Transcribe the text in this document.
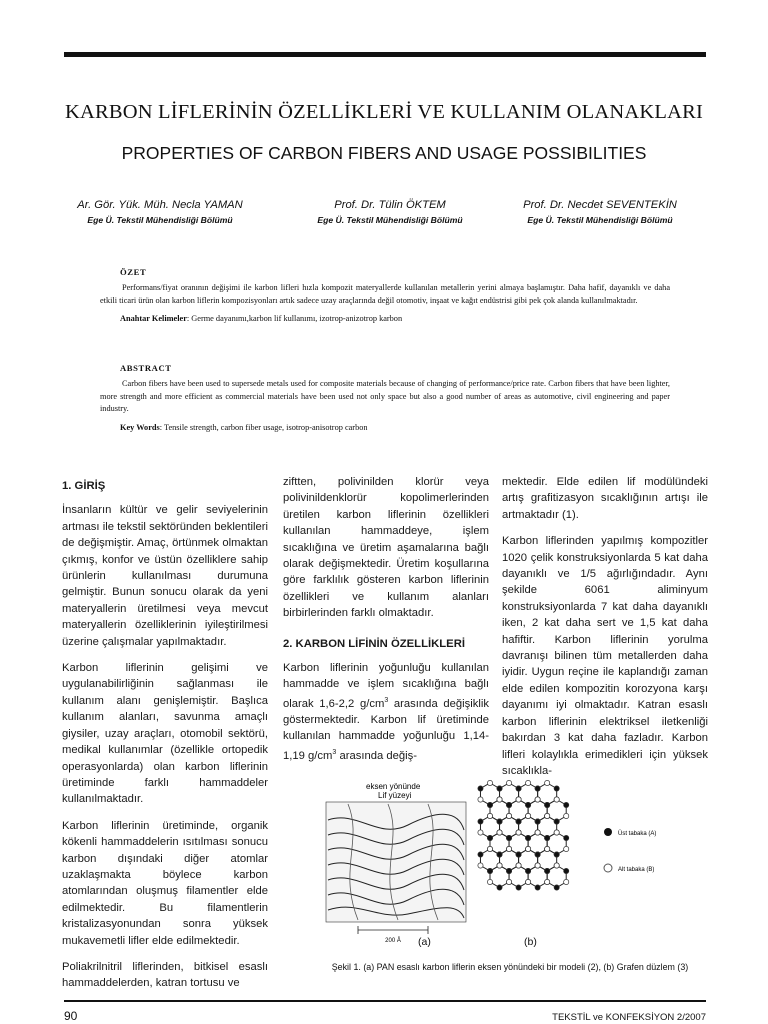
KARBON LİFLERİNİN ÖZELLİKLERİ VE KULLANIM OLANAKLARI
PROPERTIES OF CARBON FIBERS AND USAGE POSSIBILITIES
Ar. Gör. Yük. Müh. Necla YAMAN
Ege Ü. Tekstil Mühendisliği Bölümü
Prof. Dr. Tülin ÖKTEM
Ege Ü. Tekstil Mühendisliği Bölümü
Prof. Dr. Necdet SEVENTEKİN
Ege Ü. Tekstil Mühendisliği Bölümü
ÖZET

Performans/fiyat oranının değişimi ile karbon lifleri hızla kompozit materyallerde kullanılan metallerin yerini almaya başlamıştır. Daha hafif, dayanıklı ve daha etkili ticari ürün olan karbon liflerin kompozisyonları artık sadece uzay araçlarında değil otomotiv, inşaat ve kağıt endüstrisi gibi pek çok alanda kullanılmaktadır.

Anahtar Kelimeler: Germe dayanımı,karbon lif kullanımı, izotrop-anizotrop karbon

ABSTRACT

Carbon fibers have been used to supersede metals used for composite materials because of changing of performance/price rate. Carbon fibers that have been lighter, more strength and more efficient as commercial materials have been used not only space but also a good number of areas as automotive, civil engineering and paper industry.

Key Words: Tensile strength, carbon fiber usage, isotrop-anisotrop carbon

1. GİRİŞ

İnsanların kültür ve gelir seviyelerinin artması ile tekstil sektöründen beklentileri de değişmiştir. Amaç, örtünmek olmaktan çıkmış, konfor ve üstün özelliklere sahip ürünlerin kullanılması durumuna gelmiştir. Bunun sonucu olarak da yeni materyallerin üretilmesi veya mevcut materyallerin özelliklerinin iyileştirilmesi üzerine çalışmalar yapılmaktadır.

Karbon liflerinin gelişimi ve uygulanabilirliğinin sağlanması ile kullanım alanı genişlemiştir. Başlıca kullanım alanları, savunma amaçlı giysiler, uzay araçları, otomobil sektörü, medikal kullanımlar (özellikle ortopedik operasyonlarda) olan karbon liflerinin üretiminde farklı hammaddeler kullanılmaktadır.

Karbon liflerinin üretiminde, organik kökenli hammaddelerin ısıtılması sonucu karbon dışındaki diğer atomlar uzaklaşmakta böylece karbon atomlarından oluşmuş filamentler elde edilmektedir. Bu filamentlerin kristalizasyonundan sonra yüksek mukavemetli lifler elde edilmektedir.

Poliakrilnitril liflerinden, bitkisel esaslı hammaddelerden, katran tortusu ve

ziftten, polivinilden klorür veya polivinildenklorür kopolimerlerinden üretilen karbon liflerinin özellikleri kullanılan hammaddeye, işlem sıcaklığına ve üretim aşamalarına bağlı olarak değişmektedir. Üretim koşullarına göre farklılık gösteren karbon liflerinin özellikleri ve kullanım alanları birbirlerinden farklı olmaktadır.

2. KARBON LİFİNİN ÖZELLİKLERİ

Karbon liflerinin yoğunluğu kullanılan hammadde ve işlem sıcaklığına bağlı olarak 1,6-2,2 $g/cm^3$ arasında değişiklik göstermektedir. Karbon lif üretiminde kullanılan hammadde yoğunluğu 1,14-1,19 $g/cm^3$ arasında değiş-

mektedir. Elde edilen lif modülündeki artış grafitizasyon sıcaklığının artışı ile artmaktadır (1).

Karbon liflerinden yapılmış kompozitler 1020 çelik konstruksiyonlarda 5 kat daha dayanıklı ve 1/5 ağırlığındadır. Aynı şekilde 6061 aliminyum konstruksiyonlarda 7 kat daha dayanıklı iken, 2 kat daha sert ve 1,5 kat daha hafiftir. Karbon liflerinin yorulma davranışı bilinen tüm metallerden daha iyidir. Uygun reçine ile kaplandığı zaman elde edilen kompozitin korozyona karşı dayanımı iyi olmaktadır. Katran esaslı karbon liflerinin elektriksel iletkenliği bakırdan 3 kat daha fazladır. Karbon lifleri kolaylıkla erimedikleri için yüksek sıcaklıkla-

200 Å
eksen yönünde
Lif yüzeyi
Üst tabaka (A)
Alt tabaka (B)
(a)	(b)
Şekil 1. (a) PAN esaslı karbon liflerin eksen yönündeki bir modeli (2), (b) Grafen düzlem (3)
90	TEKSTİL ve KONFEKSİYON 2/2007
